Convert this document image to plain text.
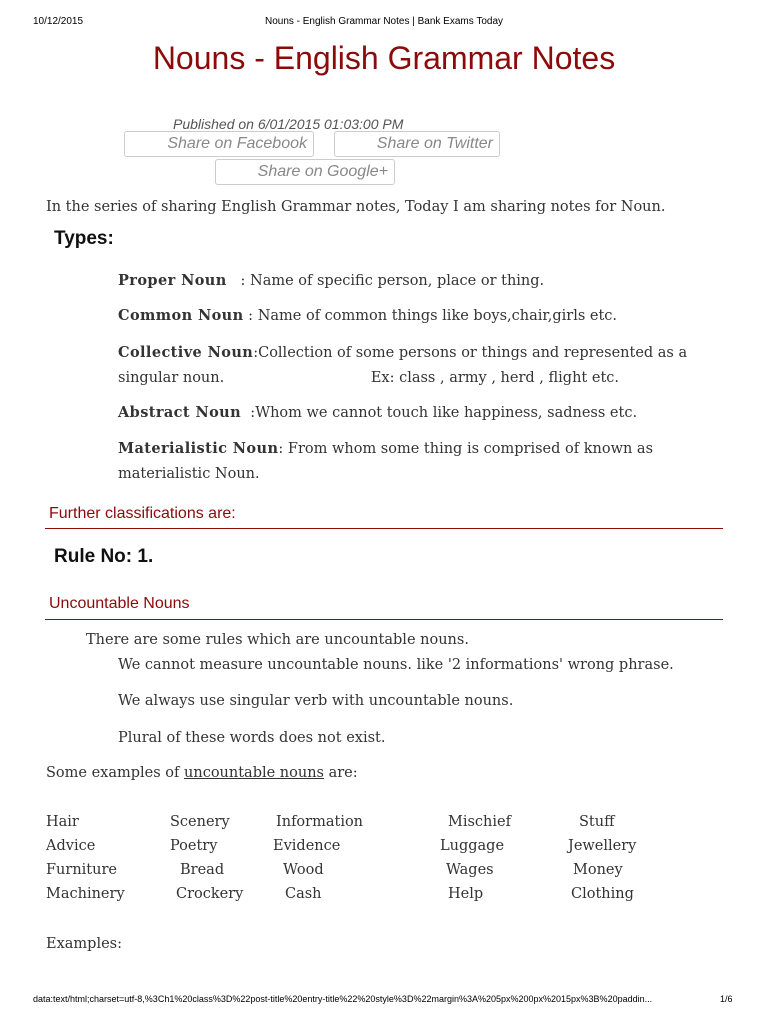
10/12/2015	Nouns - English Grammar Notes | Bank Exams Today
Nouns - English Grammar Notes
Published on 6/01/2015 01:03:00 PM
Share on Facebook	Share on Twitter
Share on Google+
In the series of sharing English Grammar notes, Today I am sharing notes for Noun.
Types:
Proper Noun   : Name of specific person, place or thing.
Common Noun : Name of common things like boys,chair,girls etc.
Collective Noun:Collection of some persons or things and represented as a singular noun.	Ex: class , army , herd , flight etc.
Abstract Noun  :Whom we cannot touch like happiness, sadness etc.
Materialistic Noun: From whom some thing is comprised of known as materialistic Noun.
Further classifications are:
Rule No: 1.
Uncountable Nouns
There are some rules which are uncountable nouns.
We cannot measure uncountable nouns. like '2 informations' wrong phrase.
We always use singular verb with uncountable nouns.
Plural of these words does not exist.
Some examples of uncountable nouns are:
Hair	Scenery	Information	Mischief	Stuff
Advice	Poetry	Evidence	Luggage	Jewellery
Furniture	Bread	Wood	Wages	Money
Machinery	Crockery	Cash	Help	Clothing
Examples:
data:text/html;charset=utf-8,%3Ch1%20class%3D%22post-title%20entry-title%22%20style%3D%22margin%3A%205px%200px%2015px%3B%20paddin...	1/6
